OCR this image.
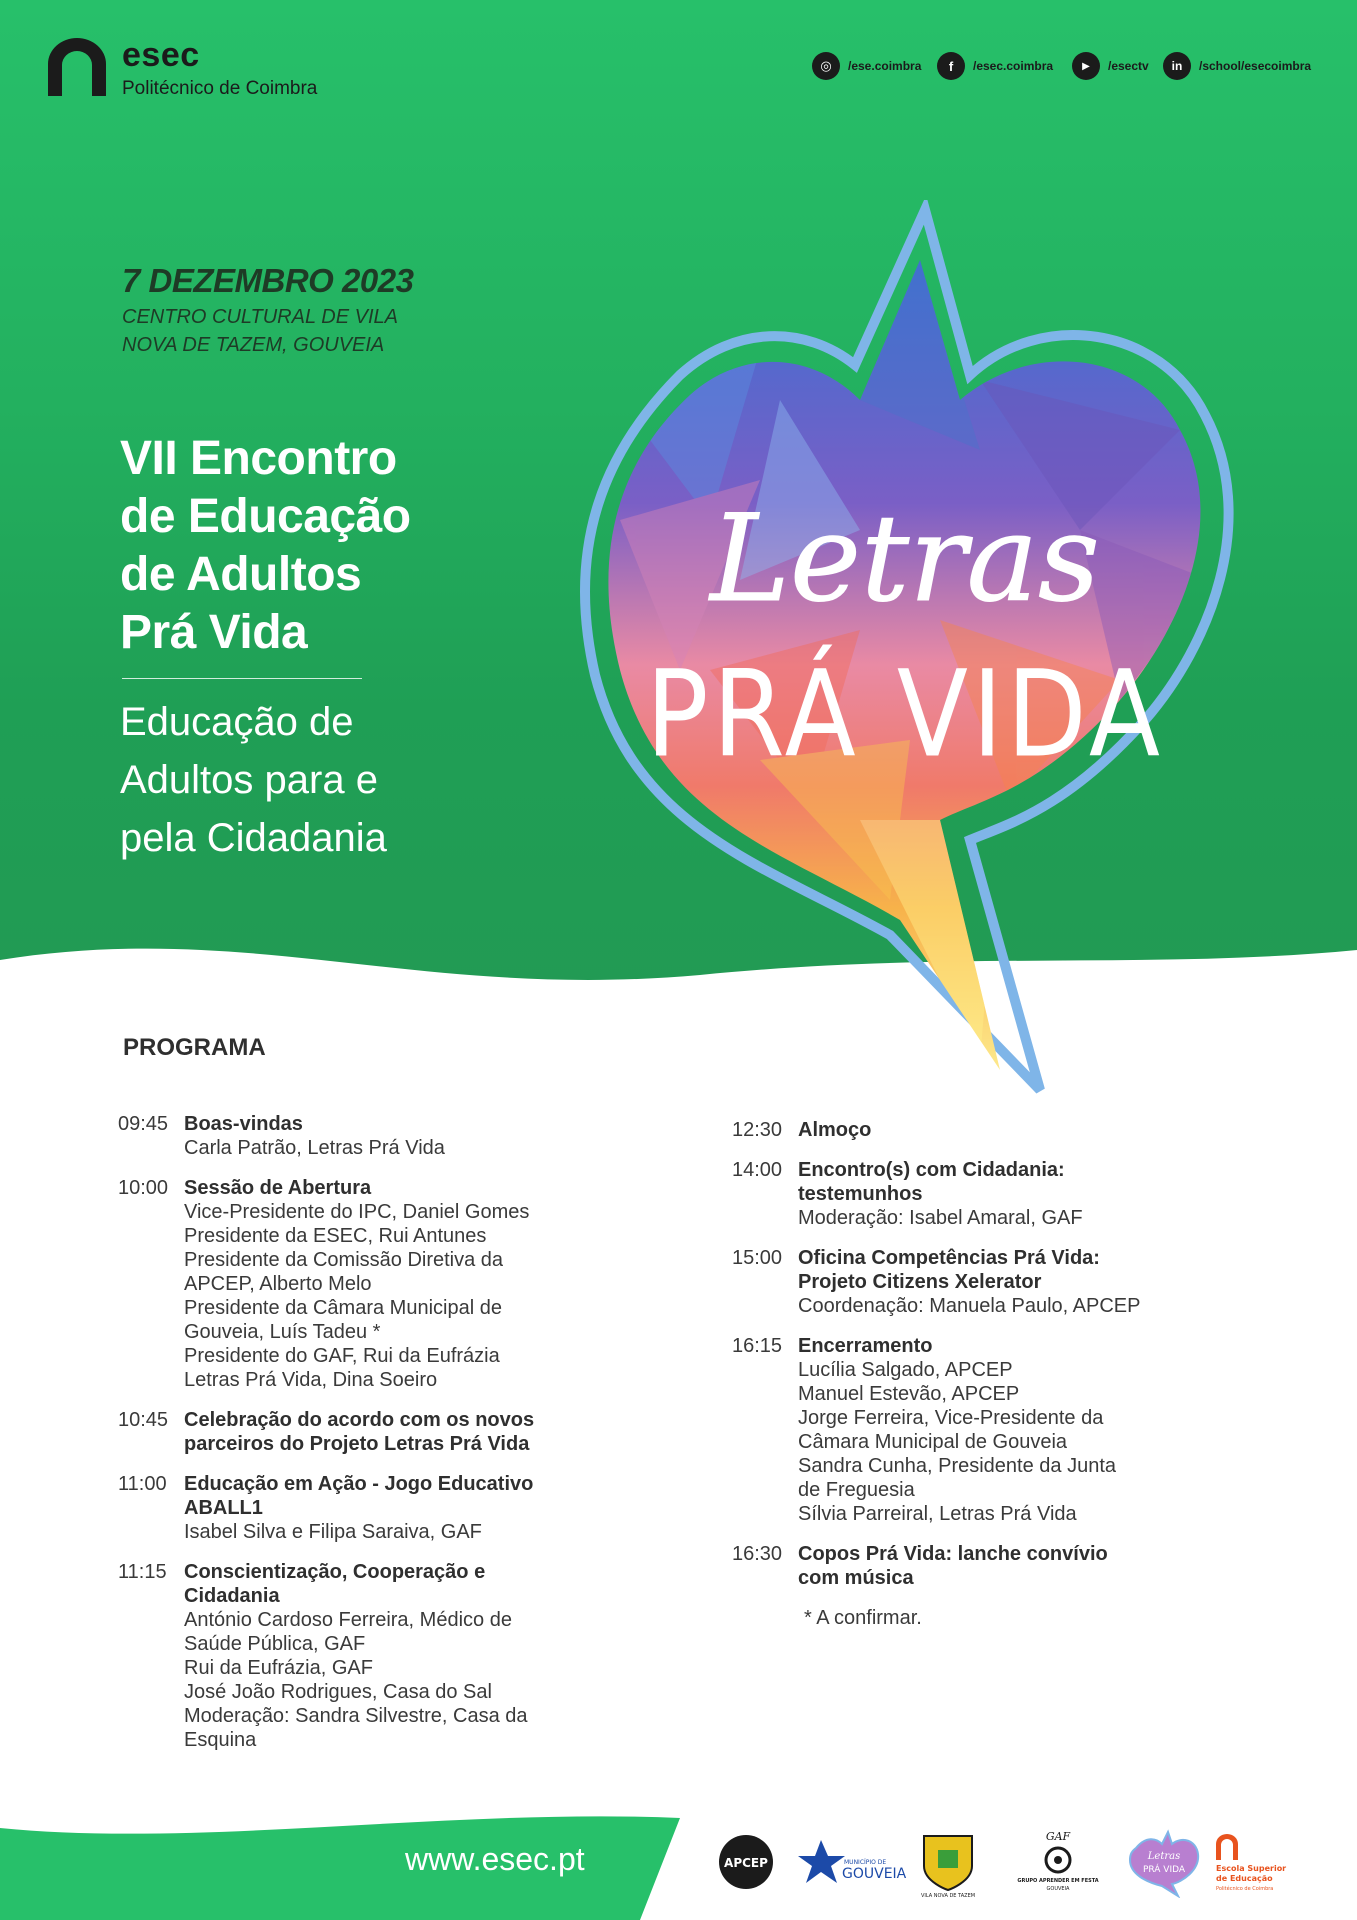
esec
Politécnico de Coimbra
◎	/ese.coimbra	f	/esec.coimbra	▶	/esectv	in	/school/esecoimbra
7 DEZEMBRO 2023
CENTRO CULTURAL DE VILA
NOVA DE TAZEM, GOUVEIA
VII Encontro
de Educação
de Adultos
Prá Vida
Educação de
Adultos para e
pela Cidadania
Letras
PRÁ VIDA
PROGRAMA
09:45 Boas-vindas
Carla Patrão, Letras Prá Vida
10:00 Sessão de Abertura
Vice-Presidente do IPC, Daniel Gomes
Presidente da ESEC, Rui Antunes
Presidente da Comissão Diretiva da
APCEP, Alberto Melo
Presidente da Câmara Municipal de
Gouveia, Luís Tadeu *
Presidente do GAF, Rui da Eufrázia
Letras Prá Vida, Dina Soeiro
10:45 Celebração do acordo com os novos
parceiros do Projeto Letras Prá Vida
11:00 Educação em Ação - Jogo Educativo
ABALL1
Isabel Silva e Filipa Saraiva, GAF
11:15 Conscientização, Cooperação e
Cidadania
António Cardoso Ferreira, Médico de
Saúde Pública, GAF
Rui da Eufrázia, GAF
José João Rodrigues, Casa do Sal
Moderação: Sandra Silvestre, Casa da
Esquina
12:30 Almoço
14:00 Encontro(s) com Cidadania:
testemunhos
Moderação: Isabel Amaral, GAF
15:00 Oficina Competências Prá Vida:
Projeto Citizens Xelerator
Coordenação: Manuela Paulo, APCEP
16:15 Encerramento
Lucília Salgado, APCEP
Manuel Estevão, APCEP
Jorge Ferreira, Vice-Presidente da
Câmara Municipal de Gouveia
Sandra Cunha, Presidente da Junta
de Freguesia
Sílvia Parreiral, Letras Prá Vida
16:30 Copos Prá Vida: lanche convívio
com música
* A confirmar.
www.esec.pt	APCEP	MUNICÍPIO DE
GOUVEIA
VILA NOVA DE TAZEM
GAF
GRUPO APRENDER EM FESTA
GOUVEIA
Letras
PRÁ VIDA	Escola Superior
de Educação
Politécnico de Coimbra
